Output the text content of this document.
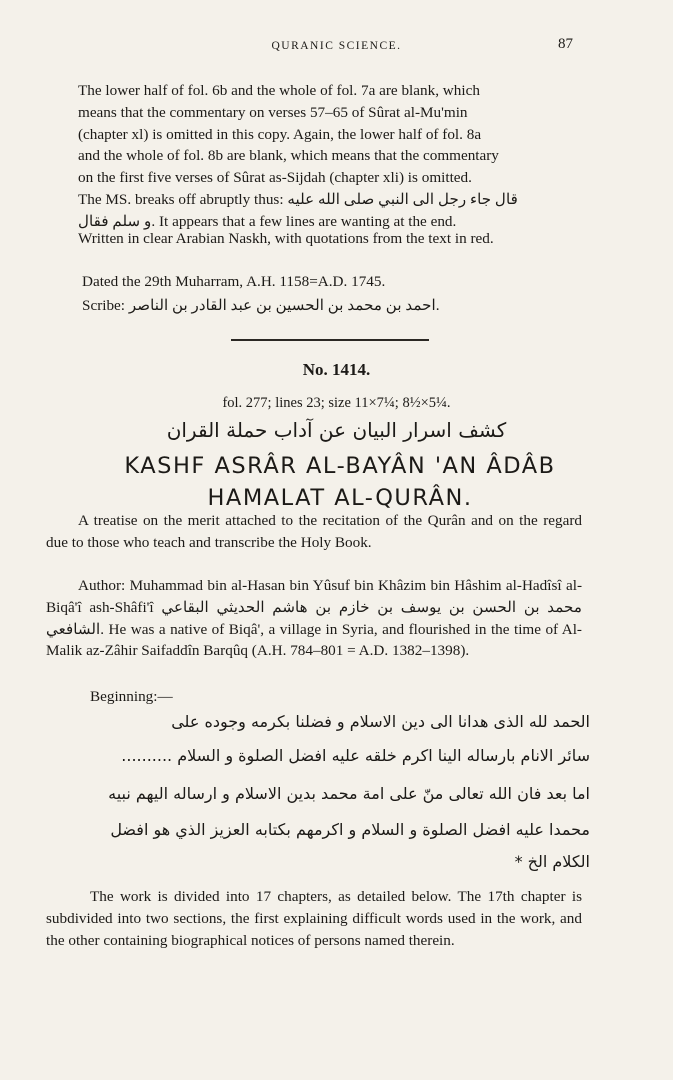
QURANIC SCIENCE.	87
The lower half of fol. 6b and the whole of fol. 7a are blank, which
means that the commentary on verses 57–65 of Sûrat al-Mu'min
(chapter xl) is omitted in this copy. Again, the lower half of fol. 8a
and the whole of fol. 8b are blank, which means that the commentary
on the first five verses of Sûrat as-Sijdah (chapter xli) is omitted.
The MS. breaks off abruptly thus: قال جاء رجل الى النبي صلى الله عليه
و سلم فقال. It appears that a few lines are wanting at the end.
Written in clear Arabian Naskh, with quotations from the text in red.
Dated the 29th Muharram, A.H. 1158=A.D. 1745.
Scribe: احمد بن محمد بن الحسين بن عبد القادر بن الناصر.
No. 1414.
fol. 277; lines 23; size 11×7¼; 8½×5¼.
كشف اسرار البيان عن آداب حملة القران
KASHF ASRÂR AL-BAYÂN 'AN ÂDÂB
HAMALAT AL-QURÂN.
A treatise on the merit attached to the recitation of the Qurân and on the regard due to those who teach and transcribe the Holy Book.
Author: Muhammad bin al-Hasan bin Yûsuf bin Khâzim bin Hâshim al-Hadîsî al-Biqâ'î ash-Shâfi'î محمد بن الحسن بن يوسف بن خازم بن هاشم الحديثي البقاعي الشافعي. He was a native of Biqâ', a village in Syria, and flourished in the time of Al-Malik az-Zâhir Saifaddîn Barqûq (A.H. 784–801 = A.D. 1382–1398).
Beginning:—
الحمد لله الذى هدانا الى دين الاسلام و فضلنا بكرمه وجوده على
سائر الانام بارساله الينا اكرم خلقه عليه افضل الصلوة و السلام ..........
اما بعد فان الله تعالى منّ على امة محمد بدين الاسلام و ارساله اليهم نبيه
محمدا عليه افضل الصلوة و السلام و اكرمهم بكتابه العزيز الذي هو افضل
الكلام الخ *
The work is divided into 17 chapters, as detailed below. The 17th chapter is subdivided into two sections, the first explaining difficult words used in the work, and the other containing biographical notices of persons named therein.
